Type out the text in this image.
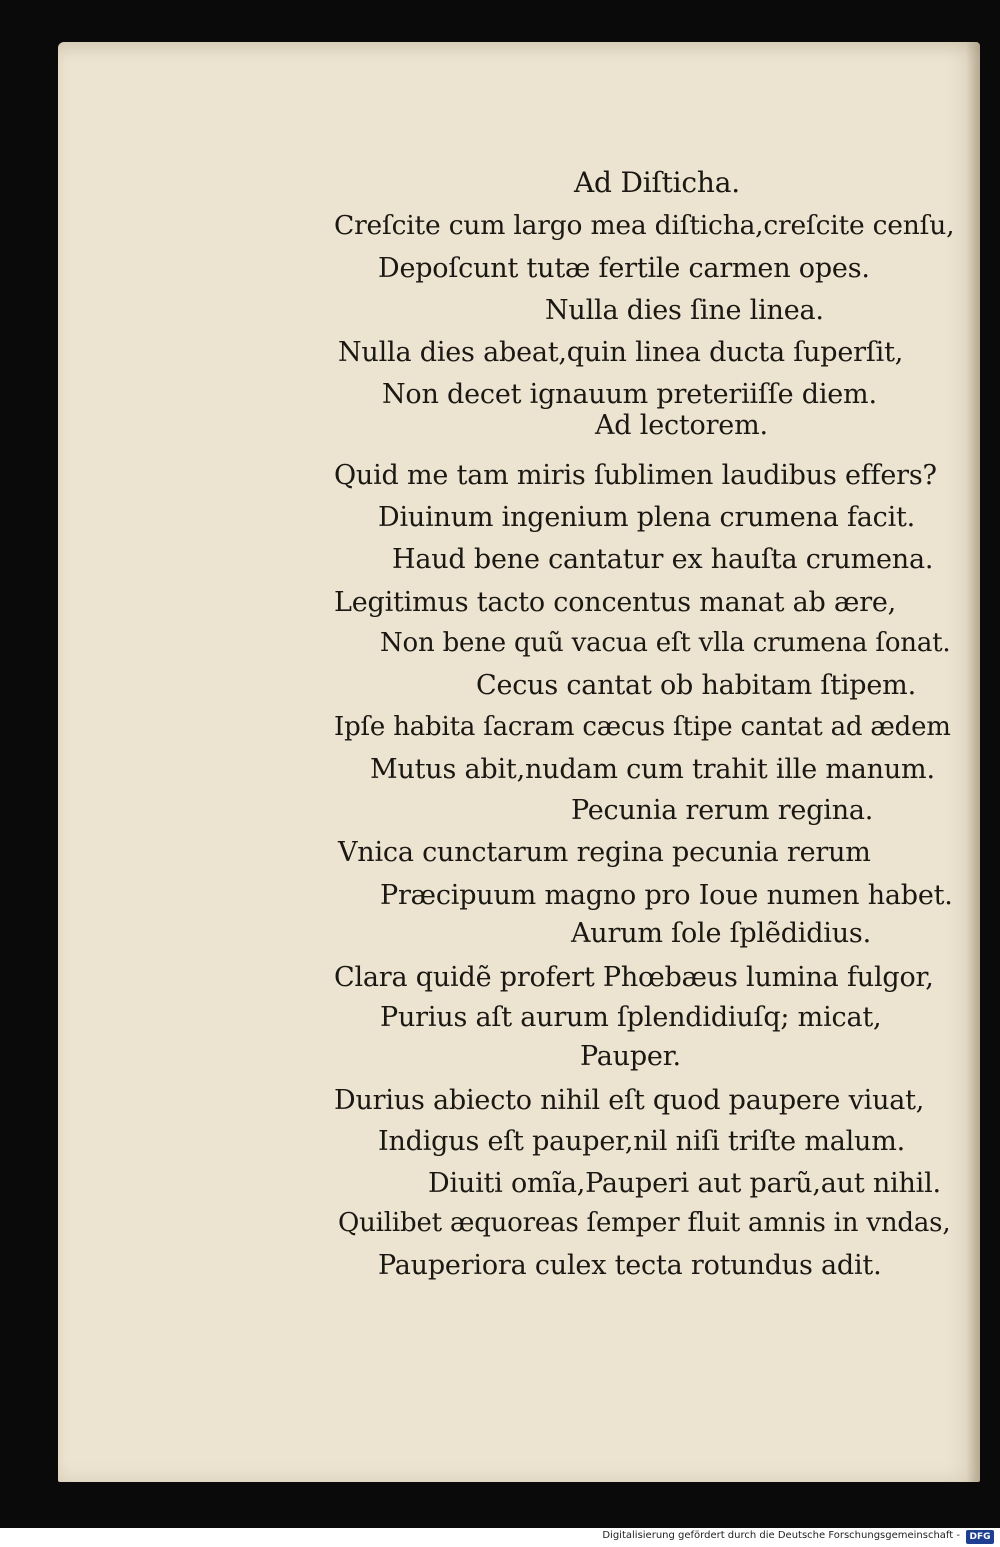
Ad Diſticha.
Creſcite cum largo mea diſticha,creſcite cenſu,
Depoſcunt tutæ fertile carmen opes.
Nulla dies ſine linea.
Nulla dies abeat,quin linea ducta ſuperſit,
Non decet ignauum preteriiſſe diem.
Ad lectorem.
Quid me tam miris ſublimen laudibus effers?
Diuinum ingenium plena crumena facit.
Haud bene cantatur ex hauſta crumena.
Legitimus tacto concentus manat ab ære,
Non bene quũ vacua eſt vlla crumena ſonat.
Cecus cantat ob habitam ſtipem.
Ipſe habita ſacram cæcus ſtipe cantat ad ædem
Mutus abit,nudam cum trahit ille manum.
Pecunia rerum regina.
Vnica cunctarum regina pecunia rerum
Præcipuum magno pro Ioue numen habet.
Aurum ſole ſplẽdidius.
Clara quidẽ profert Phœbæus lumina fulgor,
Purius aſt aurum ſplendidiuſq; micat,
Pauper.
Durius abiecto nihil eſt quod paupere viuat,
Indigus eſt pauper,nil niſi triſte malum.
Diuiti omĩa,Pauperi aut parũ,aut nihil.
Quilibet æquoreas ſemper fluit amnis in vndas,
Pauperiora culex tecta rotundus adit.
Digitalisierung gefördert durch die Deutsche Forschungsgemeinschaft -	DFG
